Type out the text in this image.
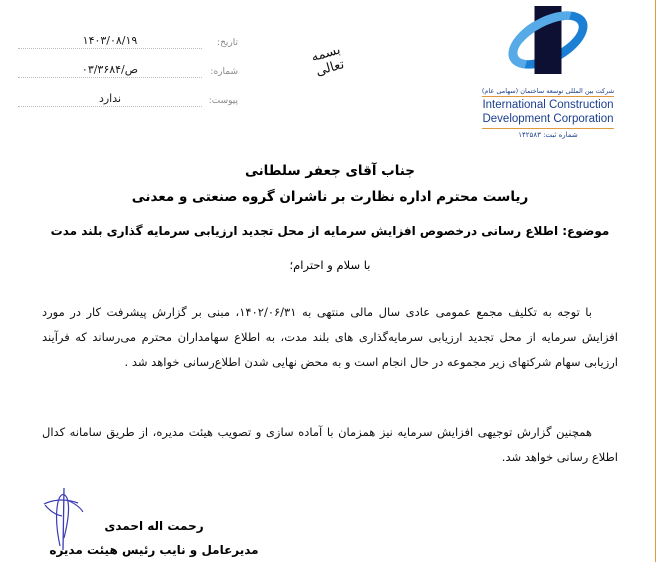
شرکت بین المللی توسعه ساختمان (سهامی عام)
International Construction
Development Corporation
شماره ثبت: ۱۴۲۵۸۳
بسمه تعالی
تاریخ:
۱۴۰۳/۰۸/۱۹
شماره:
۰۳/۳۶۸۴/ص
پیوست:
ندارد
جناب آقای جعفر سلطانی
ریاست محترم اداره نظارت بر ناشران گروه صنعتی و معدنی
موضوع: اطلاع رسانی درخصوص افزایش سرمایه از محل تجدید ارزیابی سرمایه گذاری بلند مدت
با سلام و احترام؛
با توجه به تکلیف مجمع عمومی عادی سال مالی منتهی به ۱۴۰۲/۰۶/۳۱، مبنی بر گزارش پیشرفت کار در مورد افزایش سرمایه از محل تجدید ارزیابی سرمایه‌گذاری های بلند مدت، به اطلاع سهامداران محترم می‌رساند که فرآیند ارزیابی سهام شرکتهای زیر مجموعه در حال انجام است و به محض نهایی شدن اطلاع‌رسانی خواهد شد .
همچنین گزارش توجیهی افزایش سرمایه نیز همزمان با آماده سازی و تصویب هیئت مدیره، از طریق سامانه کدال اطلاع رسانی خواهد شد.
رحمت اله احمدی
مدیرعامل و نایب رئیس هیئت مدیره
